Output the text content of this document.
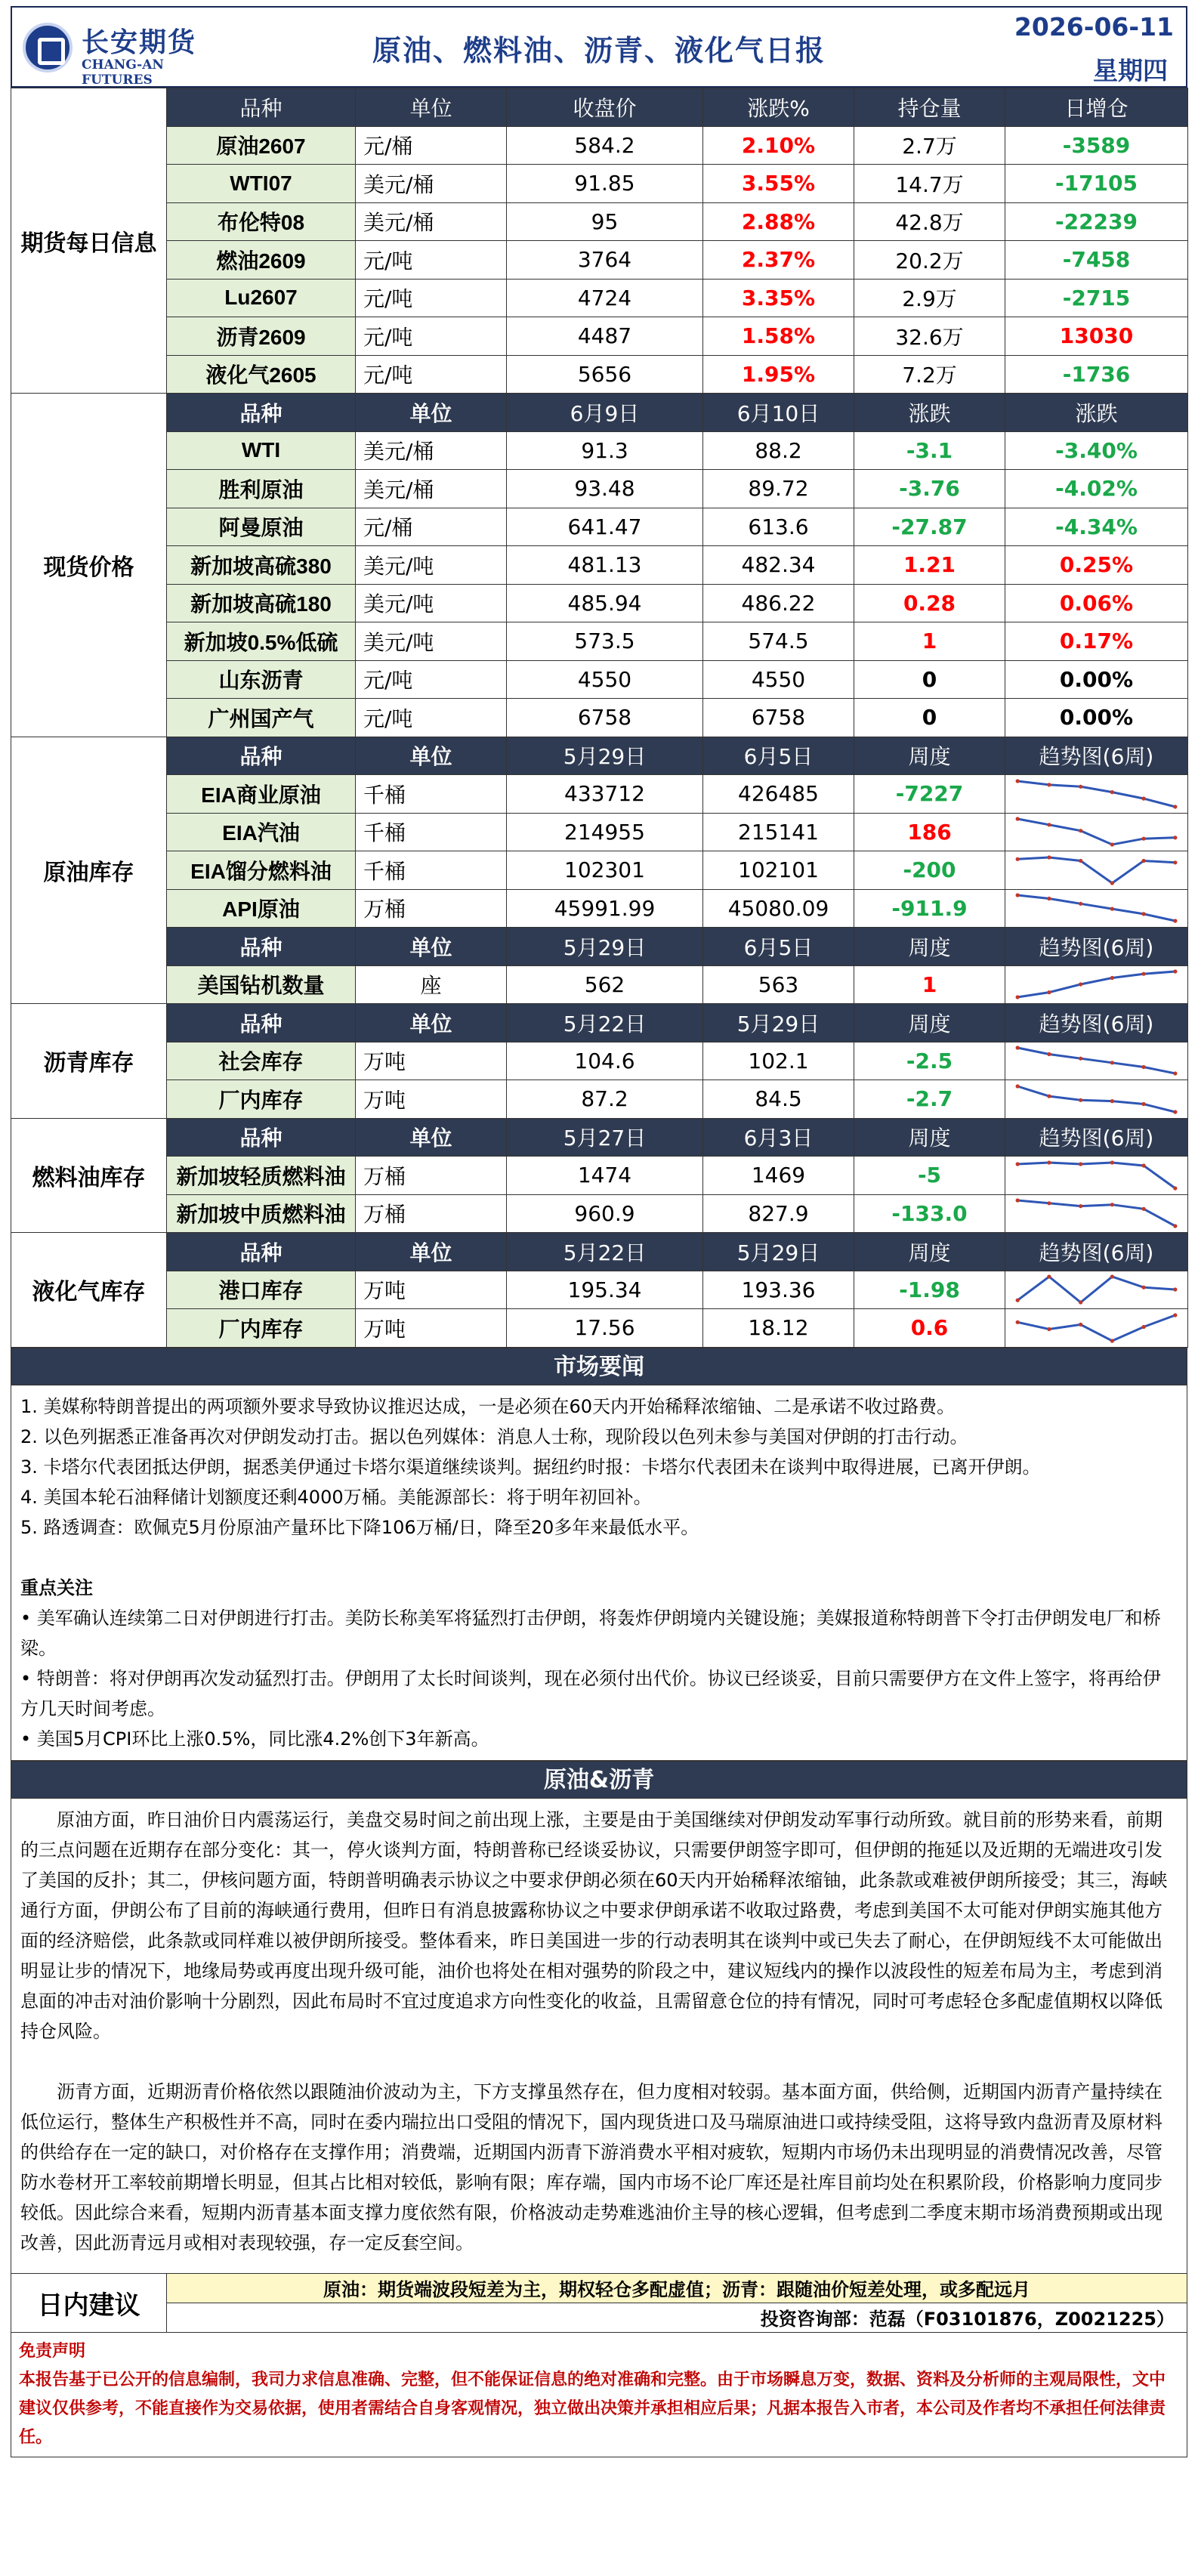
长安期货
CHANG-AN FUTURES
原油、燃料油、沥青、液化气日报
2026-06-11
星期四
期货每日信息	品种	单位	收盘价	涨跌%	持仓量	日增仓
	原油2607	元/桶	584.2	2.10%	2.7万	-3589
	WTI07	美元/桶	91.85	3.55%	14.7万	-17105
	布伦特08	美元/桶	95	2.88%	42.8万	-22239
	燃油2609	元/吨	3764	2.37%	20.2万	-7458
	Lu2607	元/吨	4724	3.35%	2.9万	-2715
	沥青2609	元/吨	4487	1.58%	32.6万	13030
	液化气2605	元/吨	5656	1.95%	7.2万	-1736
现货价格	品种	单位	6月9日	6月10日	涨跌	涨跌
	WTI	美元/桶	91.3	88.2	-3.1	-3.40%
	胜利原油	美元/桶	93.48	89.72	-3.76	-4.02%
	阿曼原油	元/桶	641.47	613.6	-27.87	-4.34%
	新加坡高硫380	美元/吨	481.13	482.34	1.21	0.25%
	新加坡高硫180	美元/吨	485.94	486.22	0.28	0.06%
	新加坡0.5%低硫	美元/吨	573.5	574.5	1	0.17%
	山东沥青	元/吨	4550	4550	0	0.00%
	广州国产气	元/吨	6758	6758	0	0.00%
原油库存	品种	单位	5月29日	6月5日	周度	趋势图(6周)
	EIA商业原油	千桶	433712	426485	-7227	

	EIA汽油	千桶	214955	215141	186	

	EIA馏分燃料油	千桶	102301	102101	-200	

	API原油	万桶	45991.99	45080.09	-911.9	

	品种	单位	5月29日	6月5日	周度	趋势图(6周)
	美国钻机数量	座	562	563	1	

沥青库存	品种	单位	5月22日	5月29日	周度	趋势图(6周)
	社会库存	万吨	104.6	102.1	-2.5	

	厂内库存	万吨	87.2	84.5	-2.7	

燃料油库存	品种	单位	5月27日	6月3日	周度	趋势图(6周)
	新加坡轻质燃料油	万桶	1474	1469	-5	

	新加坡中质燃料油	万桶	960.9	827.9	-133.0	

液化气库存	品种	单位	5月22日	5月29日	周度	趋势图(6周)
	港口库存	万吨	195.34	193.36	-1.98	

	厂内库存	万吨	17.56	18.12	0.6	
市场要闻

1. 美媒称特朗普提出的两项额外要求导致协议推迟达成，一是必须在60天内开始稀释浓缩铀、二是承诺不收过路费。

2. 以色列据悉正准备再次对伊朗发动打击。据以色列媒体：消息人士称，现阶段以色列未参与美国对伊朗的打击行动。

3. 卡塔尔代表团抵达伊朗，据悉美伊通过卡塔尔渠道继续谈判。据纽约时报：卡塔尔代表团未在谈判中取得进展，已离开伊朗。

4. 美国本轮石油释储计划额度还剩4000万桶。美能源部长：将于明年初回补。

5. 路透调查：欧佩克5月份原油产量环比下降106万桶/日，降至20多年来最低水平。

重点关注

• 美军确认连续第二日对伊朗进行打击。美防长称美军将猛烈打击伊朗，将轰炸伊朗境内关键设施；美媒报道称特朗普下令打击伊朗发电厂和桥梁。

• 特朗普：将对伊朗再次发动猛烈打击。伊朗用了太长时间谈判，现在必须付出代价。协议已经谈妥，目前只需要伊方在文件上签字，将再给伊方几天时间考虑。

• 美国5月CPI环比上涨0.5%，同比涨4.2%创下3年新高。

原油&沥青

原油方面，昨日油价日内震荡运行，美盘交易时间之前出现上涨，主要是由于美国继续对伊朗发动军事行动所致。就目前的形势来看，前期的三点问题在近期存在部分变化：其一，停火谈判方面，特朗普称已经谈妥协议，只需要伊朗签字即可，但伊朗的拖延以及近期的无端进攻引发了美国的反扑；其二，伊核问题方面，特朗普明确表示协议之中要求伊朗必须在60天内开始稀释浓缩铀，此条款或难被伊朗所接受；其三，海峡通行方面，伊朗公布了目前的海峡通行费用，但昨日有消息披露称协议之中要求伊朗承诺不收取过路费，考虑到美国不太可能对伊朗实施其他方面的经济赔偿，此条款或同样难以被伊朗所接受。整体看来，昨日美国进一步的行动表明其在谈判中或已失去了耐心，在伊朗短线不太可能做出明显让步的情况下，地缘局势或再度出现升级可能，油价也将处在相对强势的阶段之中，建议短线内的操作以波段性的短差布局为主，考虑到消息面的冲击对油价影响十分剧烈，因此布局时不宜过度追求方向性变化的收益，且需留意仓位的持有情况，同时可考虑轻仓多配虚值期权以降低持仓风险。

沥青方面，近期沥青价格依然以跟随油价波动为主，下方支撑虽然存在，但力度相对较弱。基本面方面，供给侧，近期国内沥青产量持续在低位运行，整体生产积极性并不高，同时在委内瑞拉出口受阻的情况下，国内现货进口及马瑞原油进口或持续受阻，这将导致内盘沥青及原材料的供给存在一定的缺口，对价格存在支撑作用；消费端，近期国内沥青下游消费水平相对疲软，短期内市场仍未出现明显的消费情况改善，尽管防水卷材开工率较前期增长明显，但其占比相对较低，影响有限；库存端，国内市场不论厂库还是社库目前均处在积累阶段，价格影响力度同步较低。因此综合来看，短期内沥青基本面支撑力度依然有限，价格波动走势难逃油价主导的核心逻辑，但考虑到二季度末期市场消费预期或出现改善，因此沥青远月或相对表现较强，存一定反套空间。

日内建议
原油：期货端波段短差为主，期权轻仓多配虚值；沥青：跟随油价短差处理，或多配远月
投资咨询部：范磊（F03101876，Z0021225）
免责声明
本报告基于已公开的信息编制，我司力求信息准确、完整，但不能保证信息的绝对准确和完整。由于市场瞬息万变，数据、资料及分析师的主观局限性，文中建议仅供参考，不能直接作为交易依据，使用者需结合自身客观情况，独立做出决策并承担相应后果；凡据本报告入市者，本公司及作者均不承担任何法律责任。
